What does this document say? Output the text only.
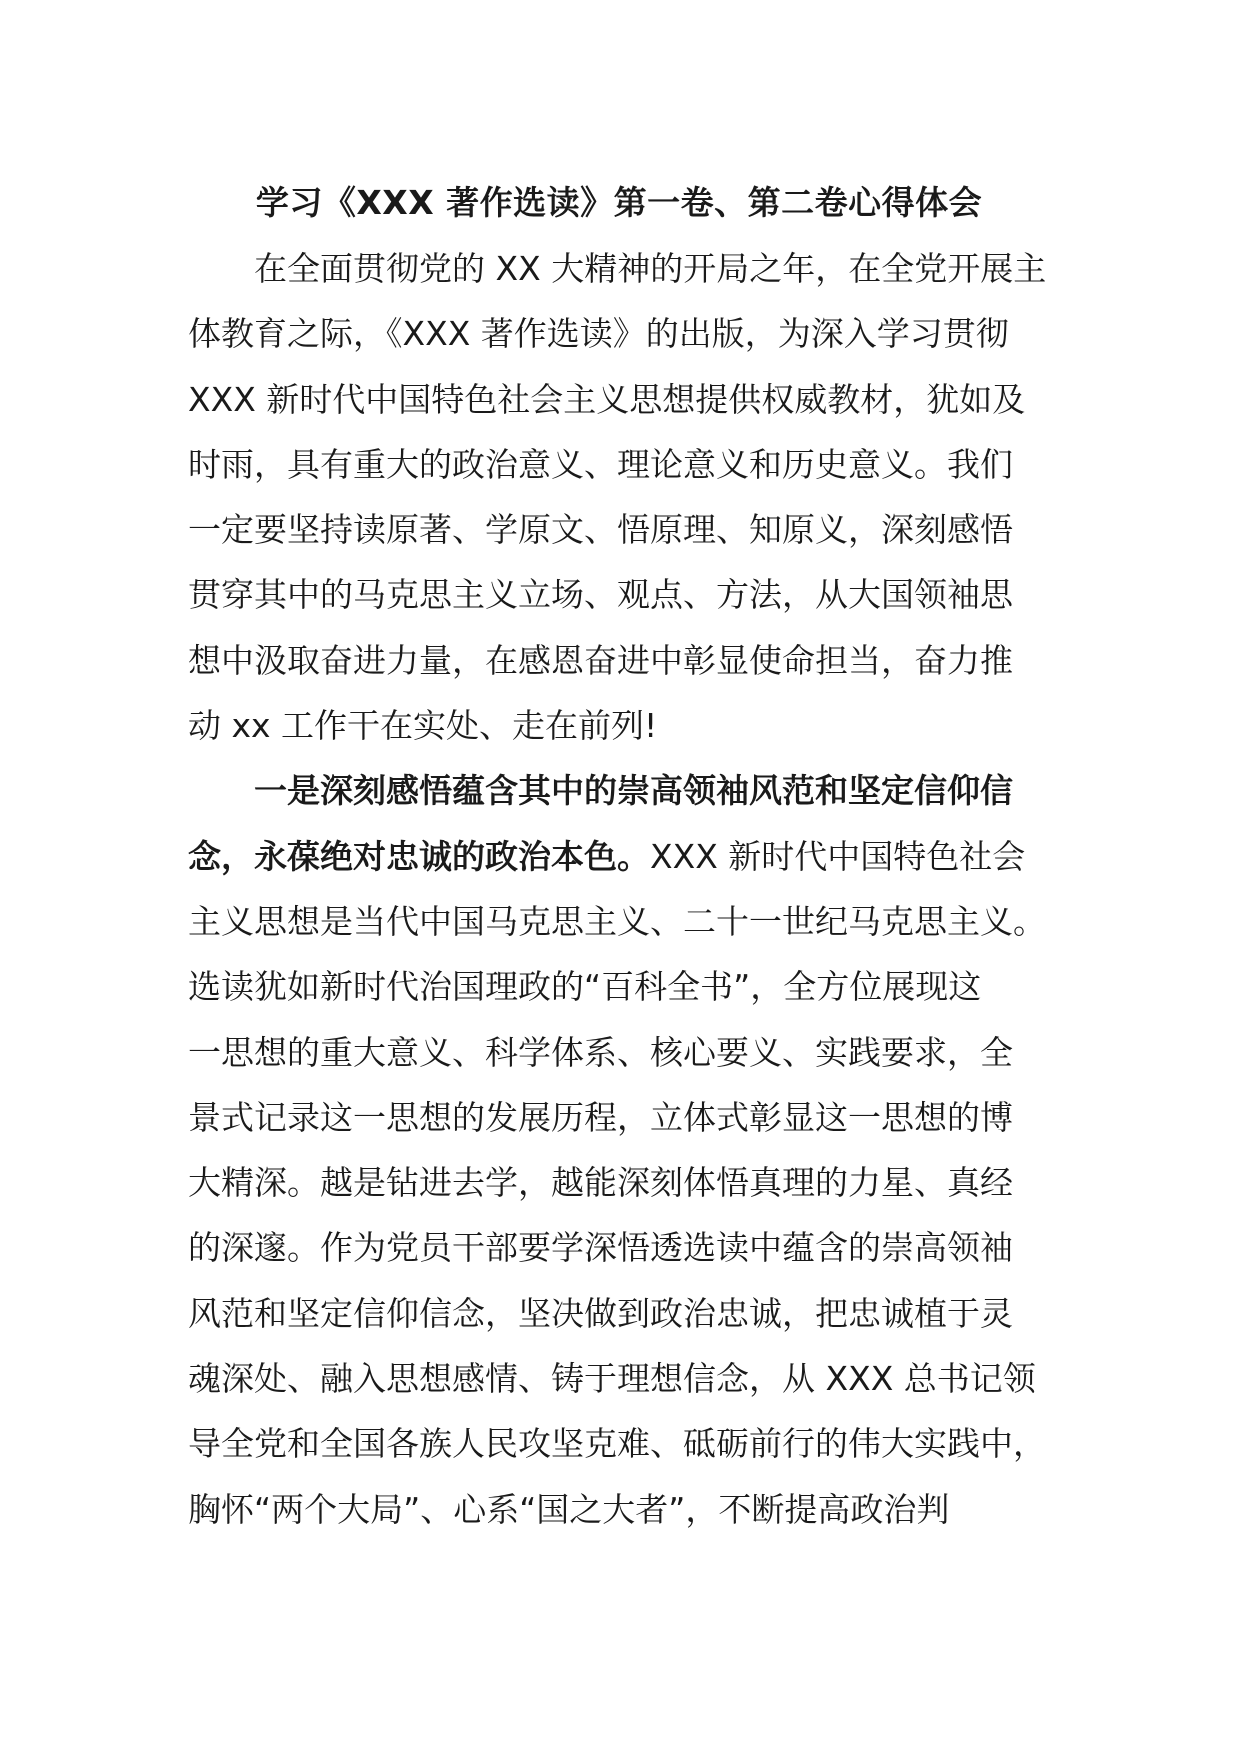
学习《XXX 著作选读》第一卷、第二卷心得体会

在全面贯彻党的 XX 大精神的开局之年，在全党开展主
体教育之际，《XXX 著作选读》的出版，为深入学习贯彻
XXX 新时代中国特色社会主义思想提供权威教材，犹如及
时雨，具有重大的政治意义、理论意义和历史意义。我们
一定要坚持读原著、学原文、悟原理、知原义，深刻感悟
贯穿其中的马克思主义立场、观点、方法，从大国领袖思
想中汲取奋进力量，在感恩奋进中彰显使命担当，奋力推
动 xx 工作干在实处、走在前列!

一是深刻感悟蕴含其中的崇高领袖风范和坚定信仰信
念，永葆绝对忠诚的政治本色。XXX 新时代中国特色社会
主义思想是当代中国马克思主义、二十一世纪马克思主义。
选读犹如新时代治国理政的“百科全书”，全方位展现这
一思想的重大意义、科学体系、核心要义、实践要求，全
景式记录这一思想的发展历程，立体式彰显这一思想的博
大精深。越是钻进去学，越能深刻体悟真理的力星、真经
的深邃。作为党员干部要学深悟透选读中蕴含的崇高领袖
风范和坚定信仰信念，坚决做到政治忠诚，把忠诚植于灵
魂深处、融入思想感情、铸于理想信念，从 XXX 总书记领
导全党和全国各族人民攻坚克难、砥砺前行的伟大实践中，
胸怀“两个大局”、心系“国之大者”，不断提高政治判
